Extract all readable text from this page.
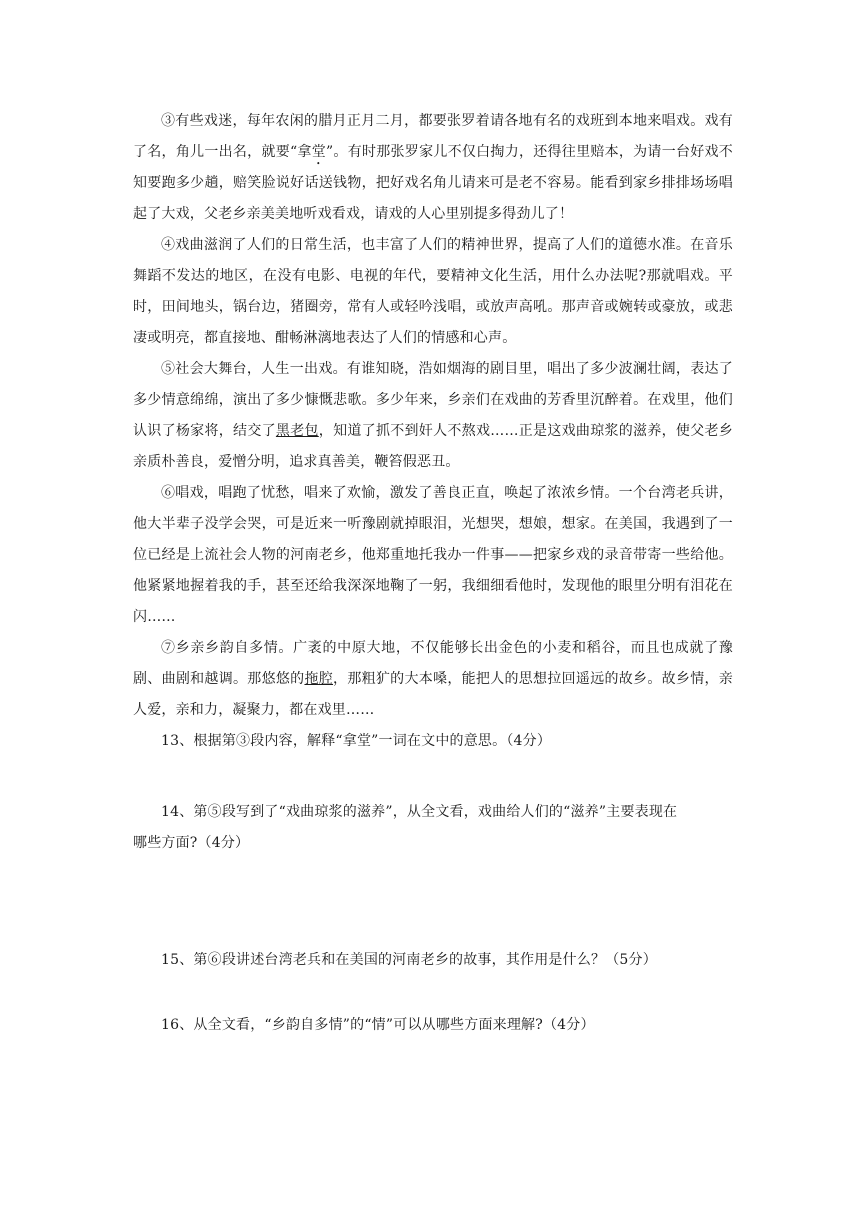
③有些戏迷，每年农闲的腊月正月二月，都要张罗着请各地有名的戏班到本地来唱戏。戏有了名，角儿一出名，就要“拿堂”。有时那张罗家儿不仅白掏力，还得往里赔本，为请一台好戏不知要跑多少趟，赔笑脸说好话送钱物，把好戏名角儿请来可是老不容易。能看到家乡排排场场唱起了大戏，父老乡亲美美地听戏看戏，请戏的人心里别提多得劲儿了！

④戏曲滋润了人们的日常生活，也丰富了人们的精神世界，提高了人们的道德水准。在音乐舞蹈不发达的地区，在没有电影、电视的年代，要精神文化生活，用什么办法呢?那就唱戏。平时，田间地头，锅台边，猪圈旁，常有人或轻吟浅唱，或放声高吼。那声音或婉转或豪放，或悲凄或明亮，都直接地、酣畅淋漓地表达了人们的情感和心声。

⑤社会大舞台，人生一出戏。有谁知晓，浩如烟海的剧目里，唱出了多少波澜壮阔，表达了多少情意绵绵，演出了多少慷慨悲歌。多少年来，乡亲们在戏曲的芳香里沉醉着。在戏里，他们认识了杨家将，结交了黑老包，知道了抓不到奸人不熬戏……正是这戏曲琼浆的滋养，使父老乡亲质朴善良，爱憎分明，追求真善美，鞭笞假恶丑。

⑥唱戏，唱跑了忧愁，唱来了欢愉，激发了善良正直，唤起了浓浓乡情。一个台湾老兵讲，他大半辈子没学会哭，可是近来一听豫剧就掉眼泪，光想哭，想娘，想家。在美国，我遇到了一位已经是上流社会人物的河南老乡，他郑重地托我办一件事——把家乡戏的录音带寄一些给他。他紧紧地握着我的手，甚至还给我深深地鞠了一躬，我细细看他时，发现他的眼里分明有泪花在闪……

⑦乡亲乡韵自多情。广袤的中原大地，不仅能够长出金色的小麦和稻谷，而且也成就了豫剧、曲剧和越调。那悠悠的拖腔，那粗犷的大本嗓，能把人的思想拉回遥远的故乡。故乡情，亲人爱，亲和力，凝聚力，都在戏里……

13、根据第③段内容，解释“拿堂”一词在文中的意思。（4分）

14、第⑤段写到了“戏曲琼浆的滋养”，从全文看，戏曲给人们的“滋养”主要表现在

哪些方面?（4分）

15、第⑥段讲述台湾老兵和在美国的河南老乡的故事，其作用是什么？（5分）

16、从全文看，“乡韵自多情”的“情”可以从哪些方面来理解?（4分）
